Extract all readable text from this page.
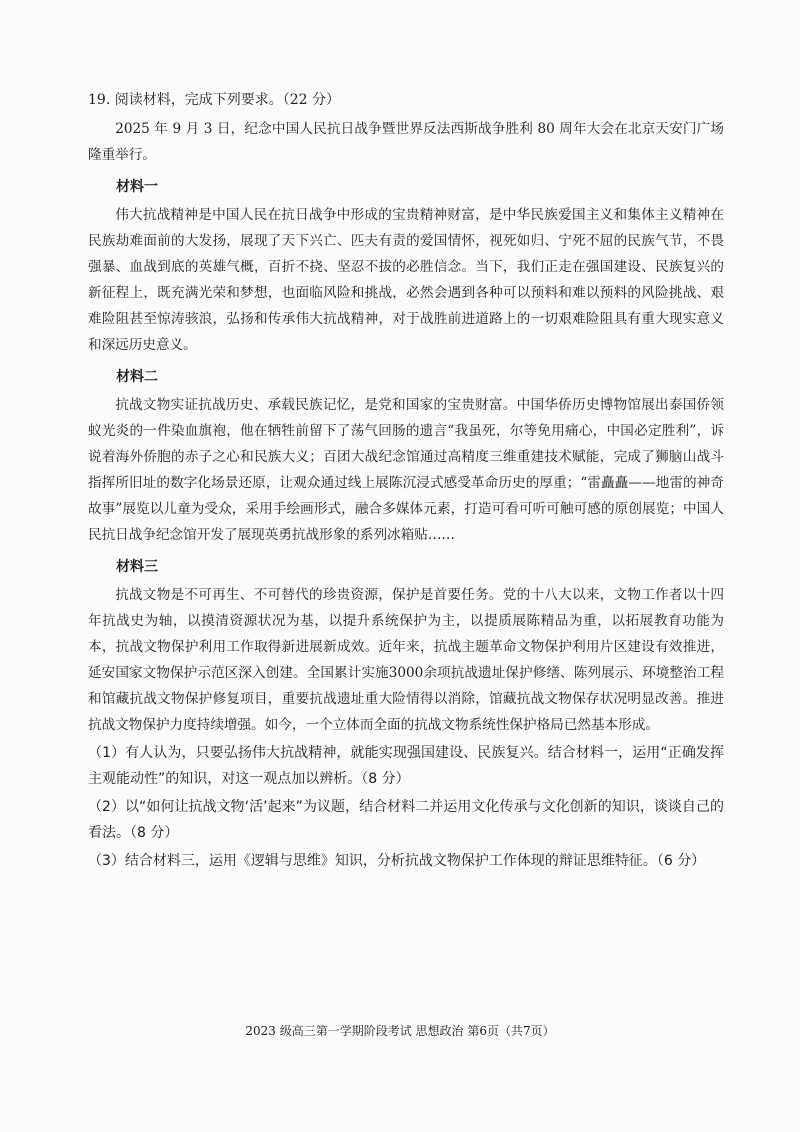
19. 阅读材料，完成下列要求。（22 分）

2025 年 9 月 3 日，纪念中国人民抗日战争暨世界反法西斯战争胜利 80 周年大会在北京天安门广场隆重举行。

材料一

伟大抗战精神是中国人民在抗日战争中形成的宝贵精神财富，是中华民族爱国主义和集体主义精神在民族劫难面前的大发扬，展现了天下兴亡、匹夫有责的爱国情怀，视死如归、宁死不屈的民族气节，不畏强暴、血战到底的英雄气概，百折不挠、坚忍不拔的必胜信念。当下，我们正走在强国建设、民族复兴的新征程上，既充满光荣和梦想，也面临风险和挑战，必然会遇到各种可以预料和难以预料的风险挑战、艰难险阻甚至惊涛骇浪，弘扬和传承伟大抗战精神，对于战胜前进道路上的一切艰难险阻具有重大现实意义和深远历史意义。

材料二

抗战文物实证抗战历史、承载民族记忆，是党和国家的宝贵财富。中国华侨历史博物馆展出泰国侨领蚁光炎的一件染血旗袍，他在牺牲前留下了荡气回肠的遗言“我虽死，尔等免用痛心，中国必定胜利”，诉说着海外侨胞的赤子之心和民族大义；百团大战纪念馆通过高精度三维重建技术赋能，完成了狮脑山战斗指挥所旧址的数字化场景还原，让观众通过线上展陈沉浸式感受革命历史的厚重；“雷矗矗——地雷的神奇故事”展览以儿童为受众，采用手绘画形式，融合多媒体元素，打造可看可听可触可感的原创展览；中国人民抗日战争纪念馆开发了展现英勇抗战形象的系列冰箱贴……

材料三

抗战文物是不可再生、不可替代的珍贵资源，保护是首要任务。党的十八大以来，文物工作者以十四年抗战史为轴，以摸清资源状况为基，以提升系统保护为主，以提质展陈精品为重，以拓展教育功能为本，抗战文物保护利用工作取得新进展新成效。近年来，抗战主题革命文物保护利用片区建设有效推进，延安国家文物保护示范区深入创建。全国累计实施3000余项抗战遗址保护修缮、陈列展示、环境整治工程和馆藏抗战文物保护修复项目，重要抗战遗址重大险情得以消除，馆藏抗战文物保存状况明显改善。推进抗战文物保护力度持续增强。如今，一个立体而全面的抗战文物系统性保护格局已然基本形成。

（1）有人认为，只要弘扬伟大抗战精神，就能实现强国建设、民族复兴。结合材料一，运用“正确发挥主观能动性”的知识，对这一观点加以辨析。（8 分）

（2）以“如何让抗战文物‘活’起来”为议题，结合材料二并运用文化传承与文化创新的知识，谈谈自己的看法。（8 分）

（3）结合材料三，运用《逻辑与思维》知识，分析抗战文物保护工作体现的辩证思维特征。（6 分）

2023 级高三第一学期阶段考试 思想政治 第6页（共7页）
